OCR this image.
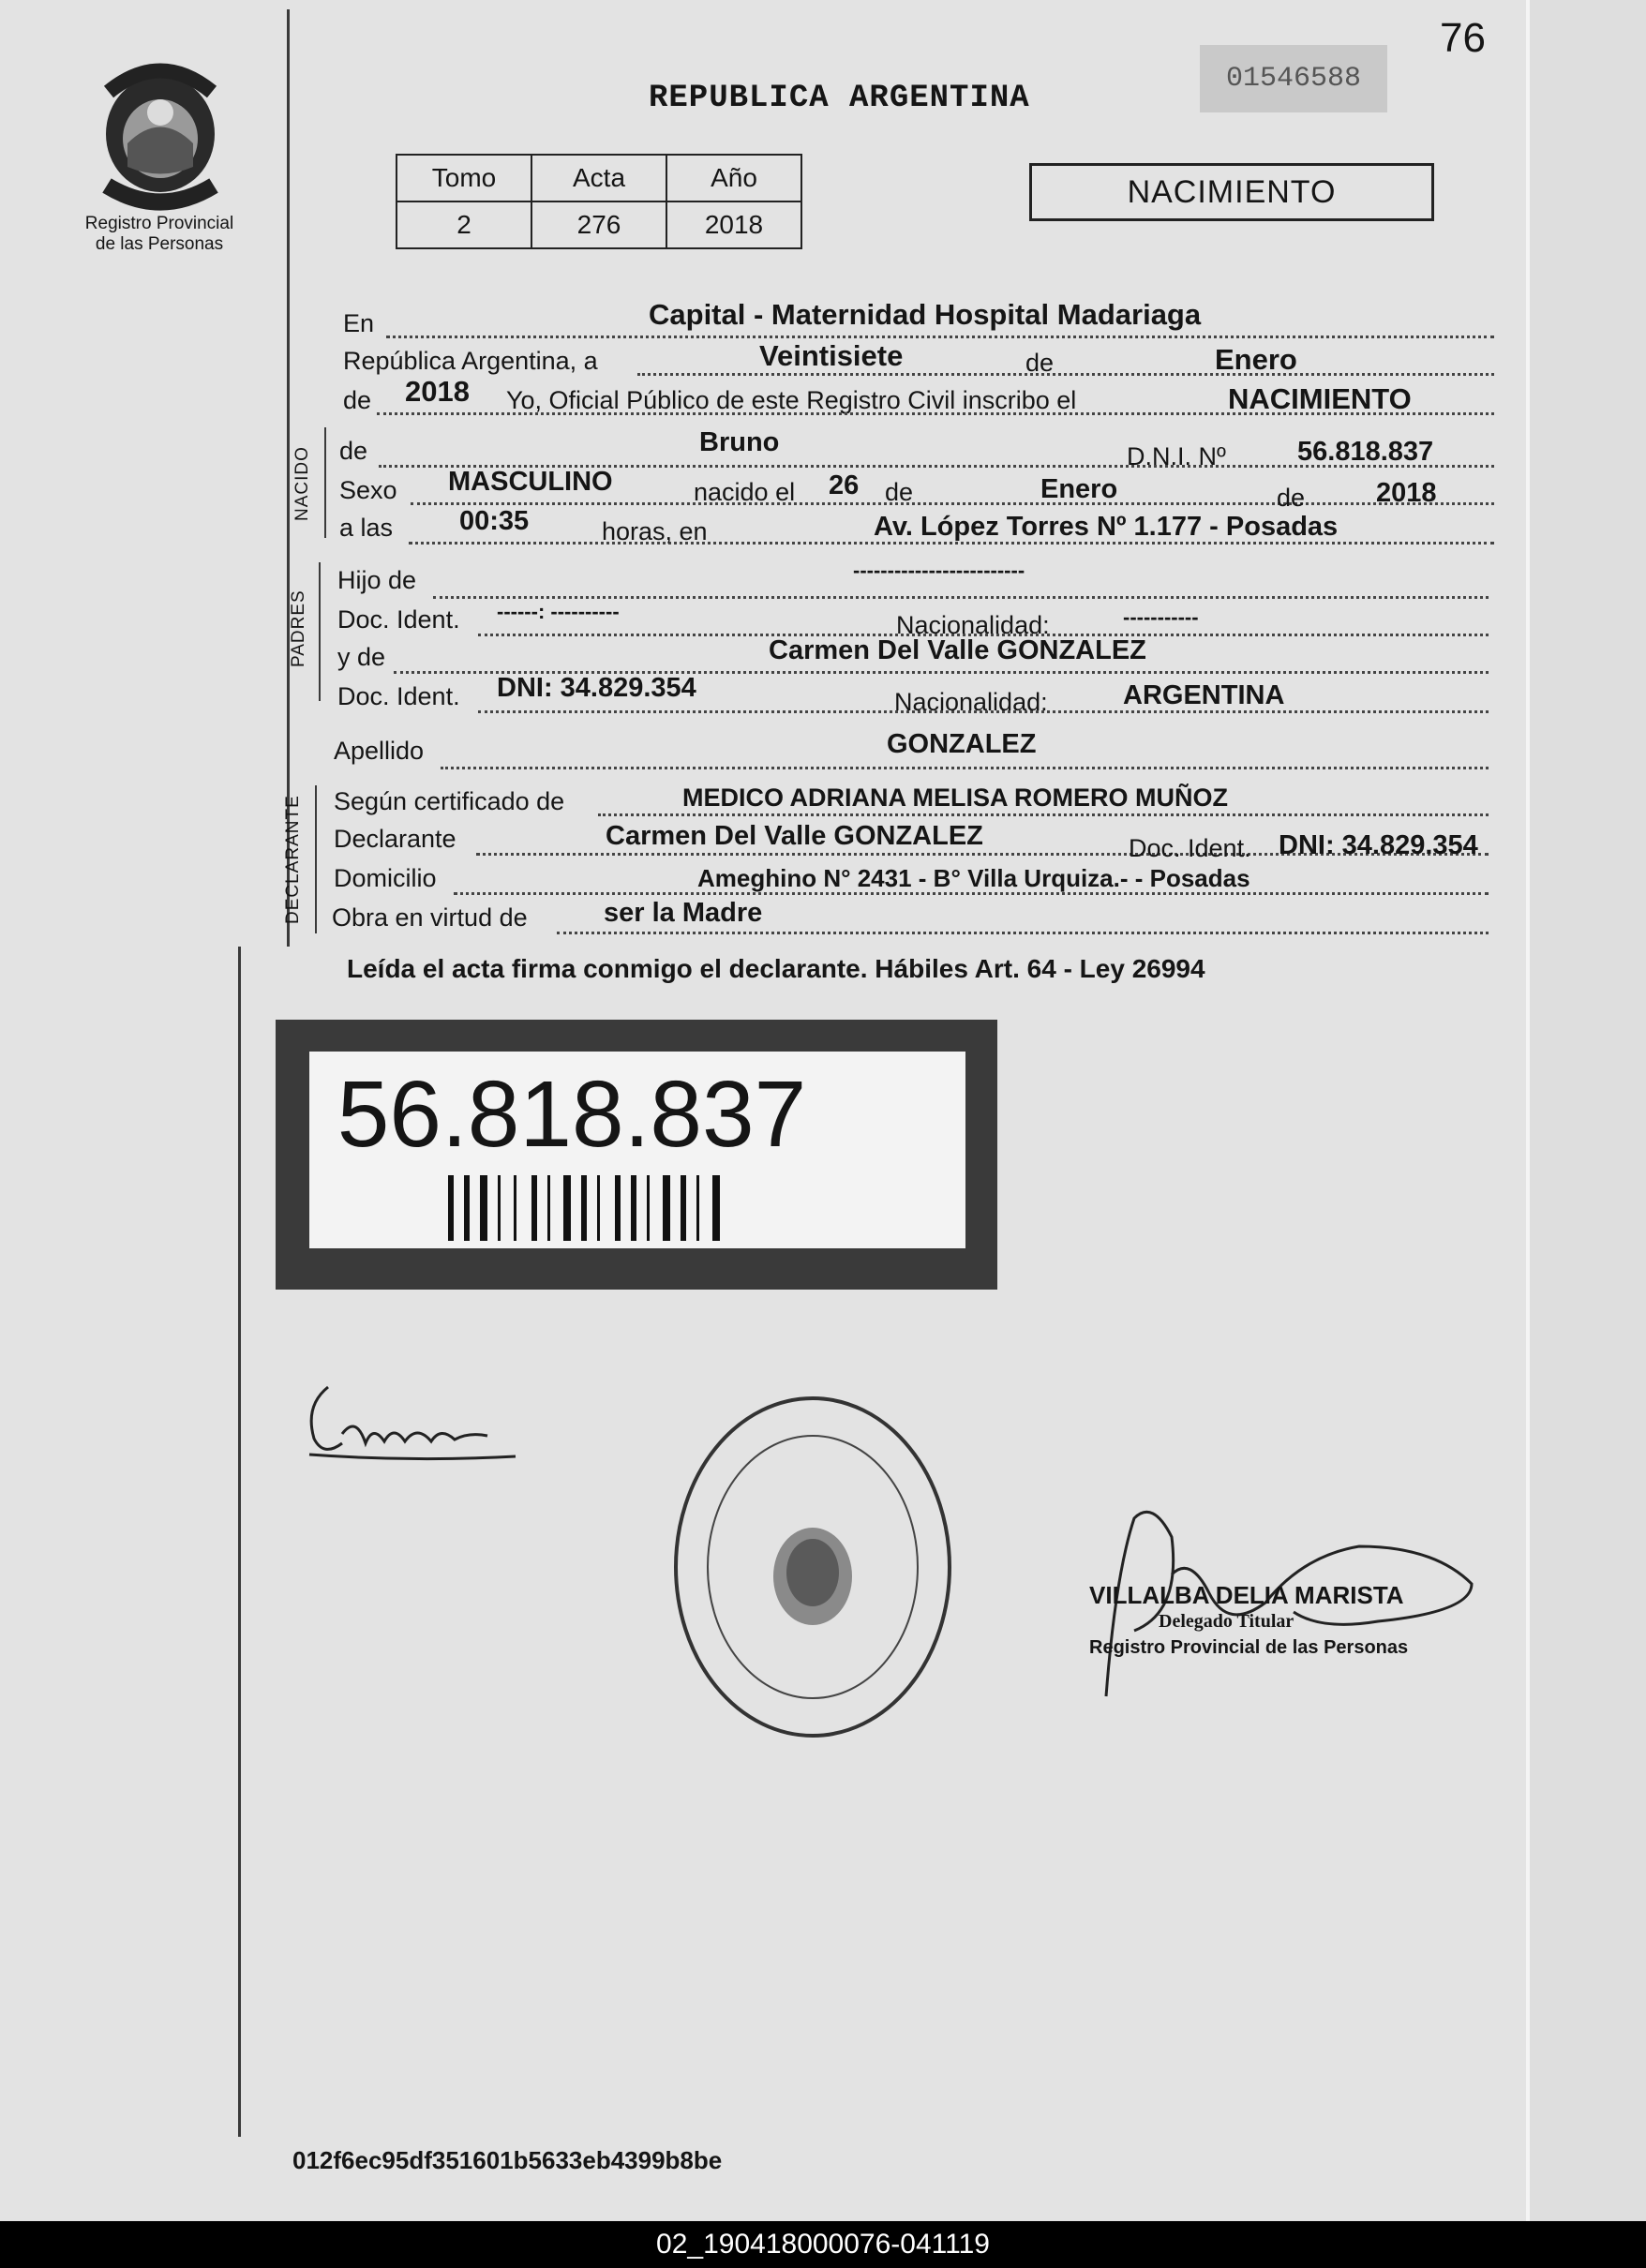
Registro Provincial
de las Personas
REPUBLICA ARGENTINA
01546588
76
Tomo	Acta	Año
2	276	2018
NACIMIENTO
En	Capital - Maternidad Hospital Madariaga
República Argentina, a	Veintisiete	de	Enero
de 2018 Yo, Oficial Público de este Registro Civil inscribo el	NACIMIENTO
NACIDO de	Bruno	D.N.I. Nº	56.818.837
Sexo MASCULINO	nacido el 26 de	Enero	de	2018
a las 00:35	horas, en	Av. López Torres Nº 1.177 - Posadas
PADRES
Hijo de	-------------------------
Doc. Ident. ------: ----------	Nacionalidad:	-----------
y de	Carmen Del Valle GONZALEZ
Doc. Ident. DNI: 34.829.354	Nacionalidad:	ARGENTINA
Apellido	GONZALEZ
DECLARANTE Según certificado de	MEDICO ADRIANA MELISA ROMERO MUÑOZ
Declarante	Carmen Del Valle GONZALEZ	Doc. Ident. DNI: 34.829.354
Domicilio	Ameghino N° 2431 - B° Villa Urquiza.- - Posadas
Obra en virtud de	ser la Madre
Leída el acta firma conmigo el declarante. Hábiles Art. 64 - Ley 26994
56.818.837
VILLALBA DELIA MARISTA
Delegado Titular
Registro Provincial de las Personas
012f6ec95df351601b5633eb4399b8be
02_190418000076-041119
